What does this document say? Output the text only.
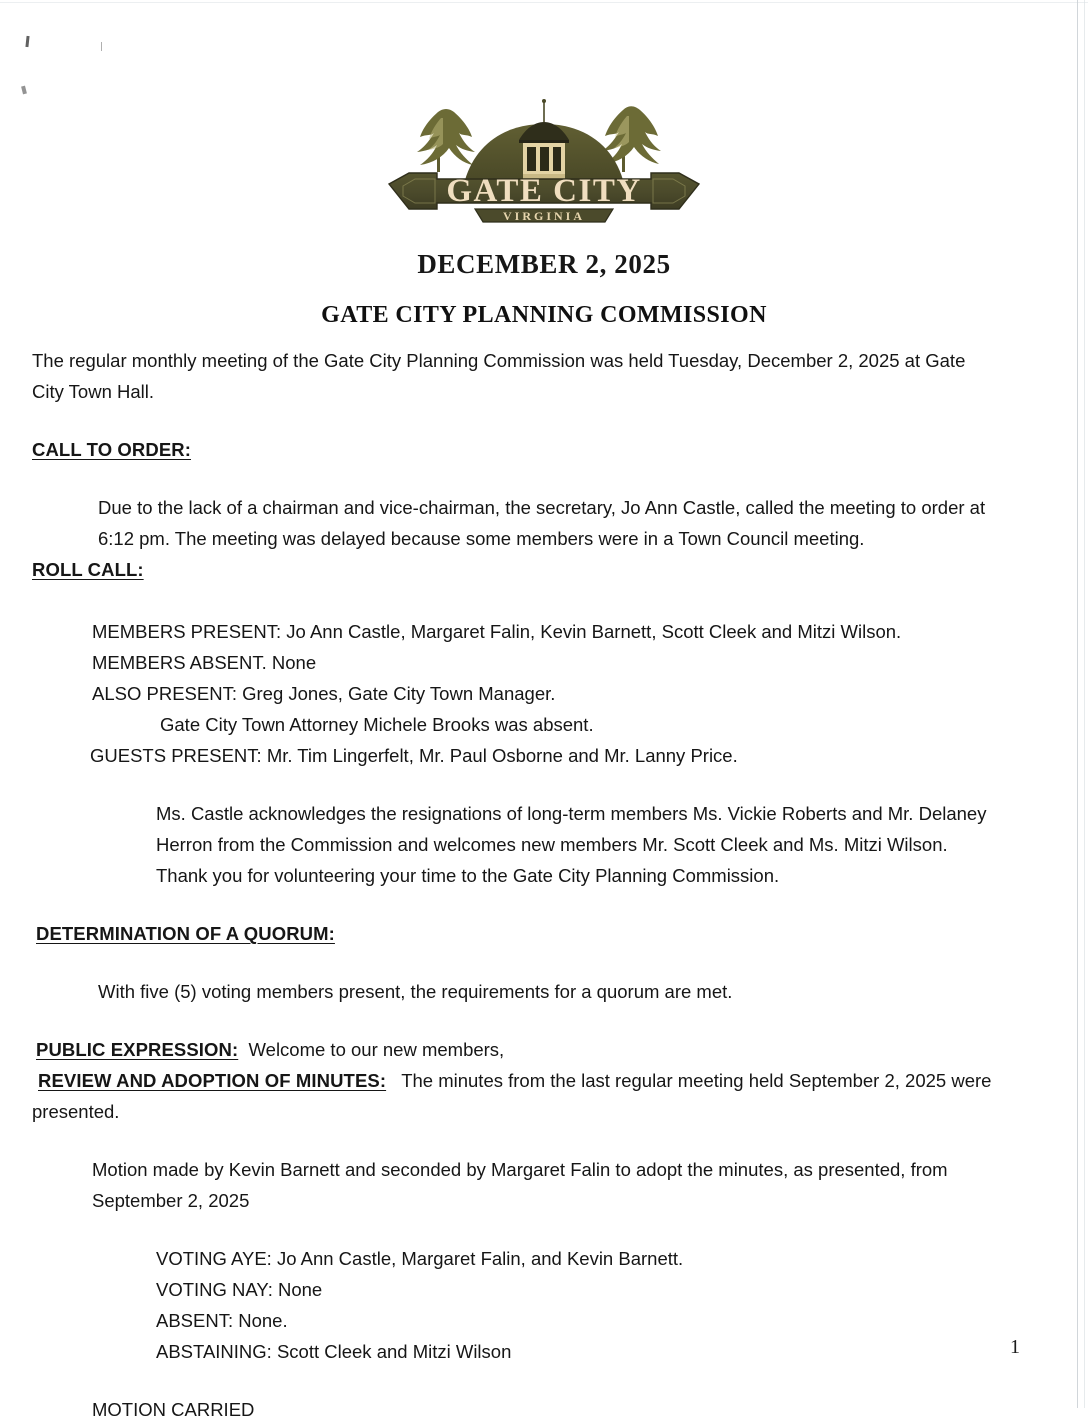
GATE CITY
VIRGINIA
DECEMBER 2, 2025
GATE CITY PLANNING COMMISSION

The regular monthly meeting of the Gate City Planning Commission was held Tuesday, December 2, 2025 at Gate

City Town Hall.

CALL TO ORDER:

Due to the lack of a chairman and vice-chairman, the secretary, Jo Ann Castle, called the meeting to order at

6:12 pm. The meeting was delayed because some members were in a Town Council meeting.

ROLL CALL:

MEMBERS PRESENT: Jo Ann Castle, Margaret Falin, Kevin Barnett, Scott Cleek and Mitzi Wilson.

MEMBERS ABSENT. None

ALSO PRESENT: Greg Jones, Gate City Town Manager.

Gate City Town Attorney Michele Brooks was absent.

GUESTS PRESENT: Mr. Tim Lingerfelt, Mr. Paul Osborne and Mr. Lanny Price.

Ms. Castle acknowledges the resignations of long-term members Ms. Vickie Roberts and Mr. Delaney

Herron from the Commission and welcomes new members Mr. Scott Cleek and Ms. Mitzi Wilson.

Thank you for volunteering your time to the Gate City Planning Commission.

DETERMINATION OF A QUORUM:

With five (5) voting members present, the requirements for a quorum are met.

PUBLIC EXPRESSION: Welcome to our new members,

REVIEW AND ADOPTION OF MINUTES: The minutes from the last regular meeting held September 2, 2025 were

presented.

Motion made by Kevin Barnett and seconded by Margaret Falin to adopt the minutes, as presented, from

September 2, 2025

VOTING AYE: Jo Ann Castle, Margaret Falin, and Kevin Barnett.

VOTING NAY: None

ABSENT: None.

ABSTAINING: Scott Cleek and Mitzi Wilson

MOTION CARRIED

1
